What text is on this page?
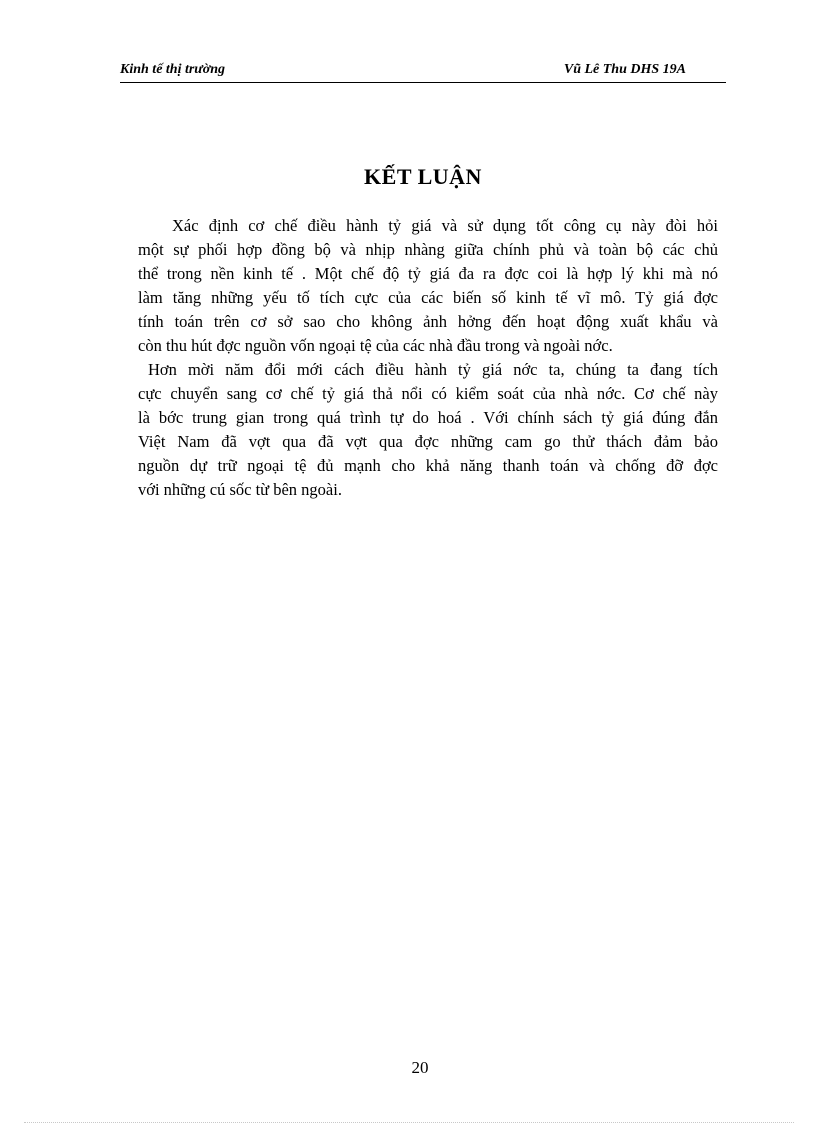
Kinh tế thị trường	Vũ Lê Thu DHS 19A
KẾT LUẬN
Xác định cơ chế điều hành tỷ giá và sử dụng tốt công cụ này đòi hỏi
một sự phối hợp đồng bộ và nhịp nhàng giữa chính phủ và toàn bộ các chủ
thể trong nền kinh tế . Một chế độ tỷ giá đa ra đợc coi là hợp lý khi mà nó
làm tăng những yếu tố tích cực của các biến số kinh tế vĩ mô. Tỷ giá đợc
tính toán trên cơ sở sao cho không ảnh hởng đến hoạt động xuất khẩu và
còn thu hút đợc nguồn vốn ngoại tệ của các nhà đầu trong và ngoài nớc.
Hơn mời năm đổi mới cách điều hành tỷ giá nớc ta, chúng ta đang tích
cực chuyển sang cơ chế tỷ giá thả nổi có kiểm soát của nhà nớc. Cơ chế này
là bớc trung gian trong quá trình tự do hoá . Với chính sách tỷ giá đúng đắn
Việt Nam đã vợt qua đã vợt qua đợc những cam go thử thách đảm bảo
nguồn dự trữ ngoại tệ đủ mạnh cho khả năng thanh toán và chống đỡ đợc
với những cú sốc từ bên ngoài.
20
